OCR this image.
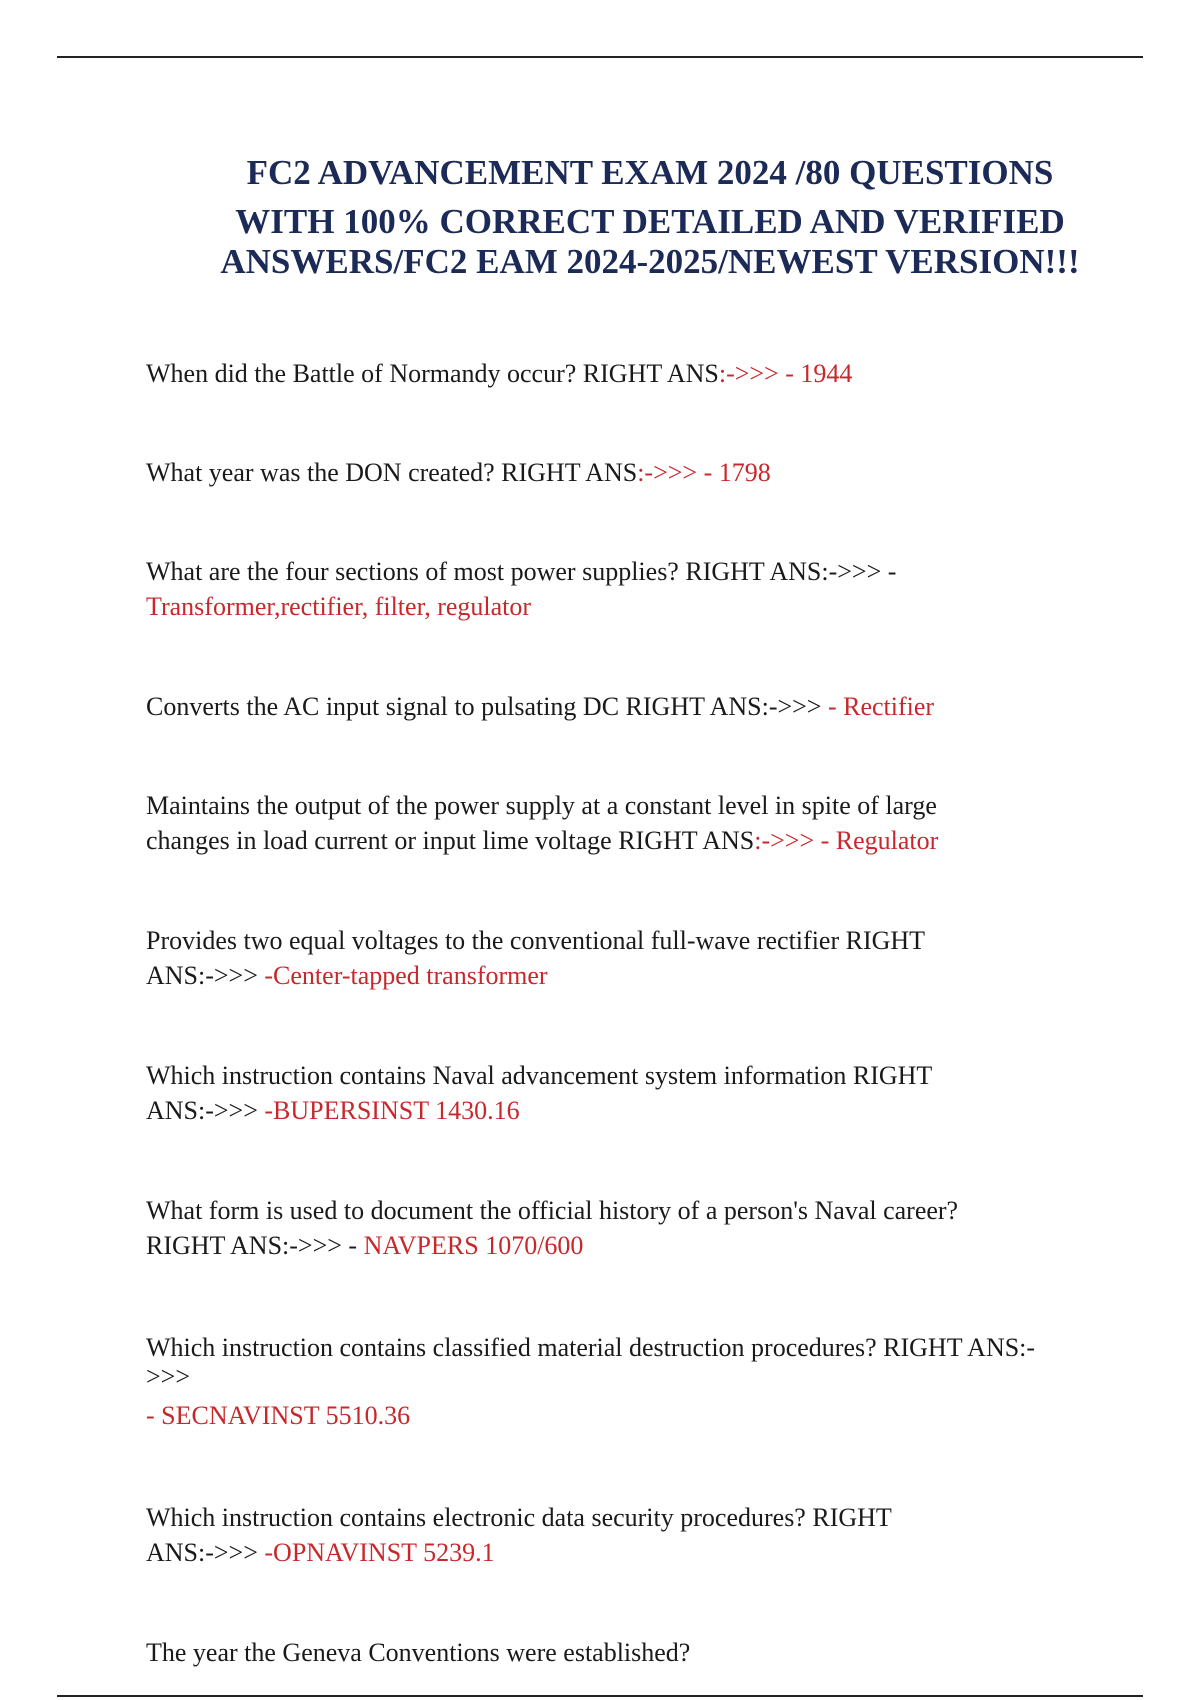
FC2 ADVANCEMENT EXAM 2024 /80 QUESTIONS
WITH 100% CORRECT DETAILED AND VERIFIED
ANSWERS/FC2 EAM 2024-2025/NEWEST VERSION!!!
When did the Battle of Normandy occur? RIGHT ANS:->>> - 1944
What year was the DON created? RIGHT ANS:->>> - 1798
What are the four sections of most power supplies? RIGHT ANS:->>> -
Transformer,rectifier, filter, regulator
Converts the AC input signal to pulsating DC RIGHT ANS:->>> - Rectifier
Maintains the output of the power supply at a constant level in spite of large
changes in load current or input lime voltage RIGHT ANS:->>> - Regulator
Provides two equal voltages to the conventional full-wave rectifier RIGHT
ANS:->>> -Center-tapped transformer
Which instruction contains Naval advancement system information RIGHT
ANS:->>> -BUPERSINST 1430.16
What form is used to document the official history of a person's Naval career?
RIGHT ANS:->>> - NAVPERS 1070/600
Which instruction contains classified material destruction procedures? RIGHT ANS:-
>>>
- SECNAVINST 5510.36
Which instruction contains electronic data security procedures? RIGHT
ANS:->>> -OPNAVINST 5239.1
The year the Geneva Conventions were established?
